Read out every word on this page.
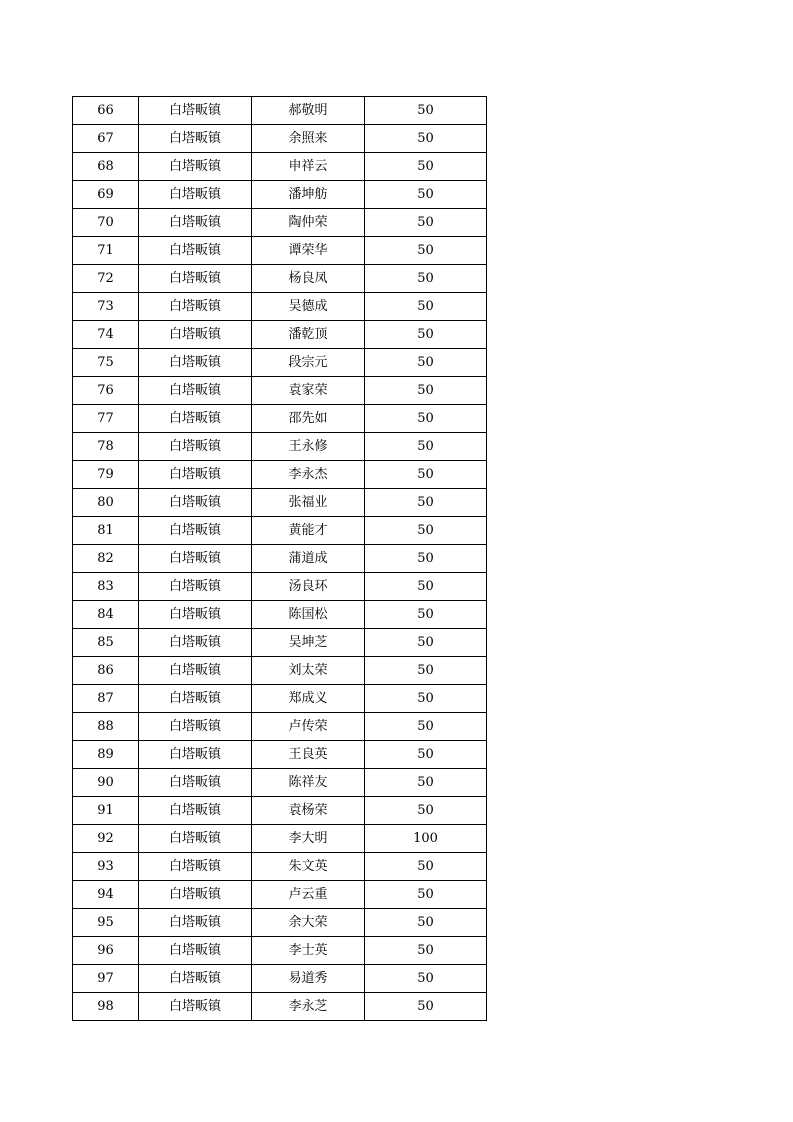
66	白塔畈镇	郝敬明	50
67	白塔畈镇	余照来	50
68	白塔畈镇	申祥云	50
69	白塔畈镇	潘坤舫	50
70	白塔畈镇	陶仲荣	50
71	白塔畈镇	谭荣华	50
72	白塔畈镇	杨良凤	50
73	白塔畈镇	吴德成	50
74	白塔畈镇	潘乾顶	50
75	白塔畈镇	段宗元	50
76	白塔畈镇	袁家荣	50
77	白塔畈镇	邵先如	50
78	白塔畈镇	王永修	50
79	白塔畈镇	李永杰	50
80	白塔畈镇	张福业	50
81	白塔畈镇	黄能才	50
82	白塔畈镇	蒲道成	50
83	白塔畈镇	汤良环	50
84	白塔畈镇	陈国松	50
85	白塔畈镇	吴坤芝	50
86	白塔畈镇	刘太荣	50
87	白塔畈镇	郑成义	50
88	白塔畈镇	卢传荣	50
89	白塔畈镇	王良英	50
90	白塔畈镇	陈祥友	50
91	白塔畈镇	袁杨荣	50
92	白塔畈镇	李大明	100
93	白塔畈镇	朱文英	50
94	白塔畈镇	卢云重	50
95	白塔畈镇	余大荣	50
96	白塔畈镇	李士英	50
97	白塔畈镇	易道秀	50
98	白塔畈镇	李永芝	50
